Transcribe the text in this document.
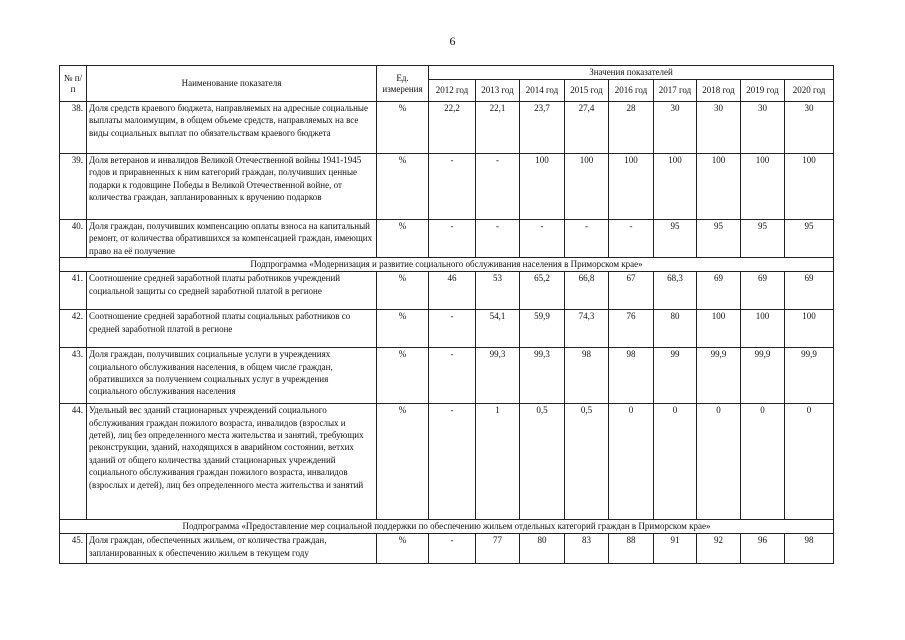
6
№ п/п	Наименование показателя	Ед. измерения	Значения показателей								
			2012 год	2013 год	2014 год	2015 год	2016 год	2017 год	2018 год	2019 год	2020 год
38.	Доля средств краевого бюджета, направляемых на адресные социальные выплаты малоимущим, в общем объеме средств, направляемых на все виды социальных выплат по обязательствам краевого бюджета	%	22,2	22,1	23,7	27,4	28	30	30	30	30
39.	Доля ветеранов и инвалидов Великой Отечественной войны 1941-1945 годов и приравненных к ним категорий граждан, получивших ценные подарки к годовщине Победы в Великой Отечественной войне, от количества граждан, запланированных к вручению подарков	%	-	-	100	100	100	100	100	100	100
40.	Доля граждан, получивших компенсацию оплаты взноса на капитальный ремонт, от количества обратившихся за компенсацией граждан, имеющих право на её получение	%	-	-	-	-	-	95	95	95	95
Подпрограмма «Модернизация и развитие социального обслуживания населения в Приморском крае»											
41.	Соотношение средней заработной платы работников учреждений социальной защиты со средней заработной платой в регионе	%	46	53	65,2	66,8	67	68,3	69	69	69
42.	Соотношение средней заработной платы социальных работников со средней заработной платой в регионе	%	-	54,1	59,9	74,3	76	80	100	100	100
43.	Доля граждан, получивших социальные услуги в учреждениях социального обслуживания населения, в общем числе граждан, обратившихся за получением социальных услуг в учреждения социального обслуживания населения	%	-	99,3	99,3	98	98	99	99,9	99,9	99,9
44.	Удельный вес зданий стационарных учреждений социального обслуживания граждан пожилого возраста, инвалидов (взрослых и детей), лиц без определенного места жительства и занятий, требующих реконструкции, зданий, находящихся в аварийном состоянии, ветхих зданий от общего количества зданий стационарных учреждений социального обслуживания граждан пожилого возраста, инвалидов (взрослых и детей), лиц без определенного места жительства и занятий	%	-	1	0,5	0,5	0	0	0	0	0
Подпрограмма «Предоставление мер социальной поддержки по обеспечению жильем отдельных категорий граждан в Приморском крае»											
45.	Доля граждан, обеспеченных жильем, от количества граждан, запланированных к обеспечению жильем в текущем году	%	-	77	80	83	88	91	92	96	98
